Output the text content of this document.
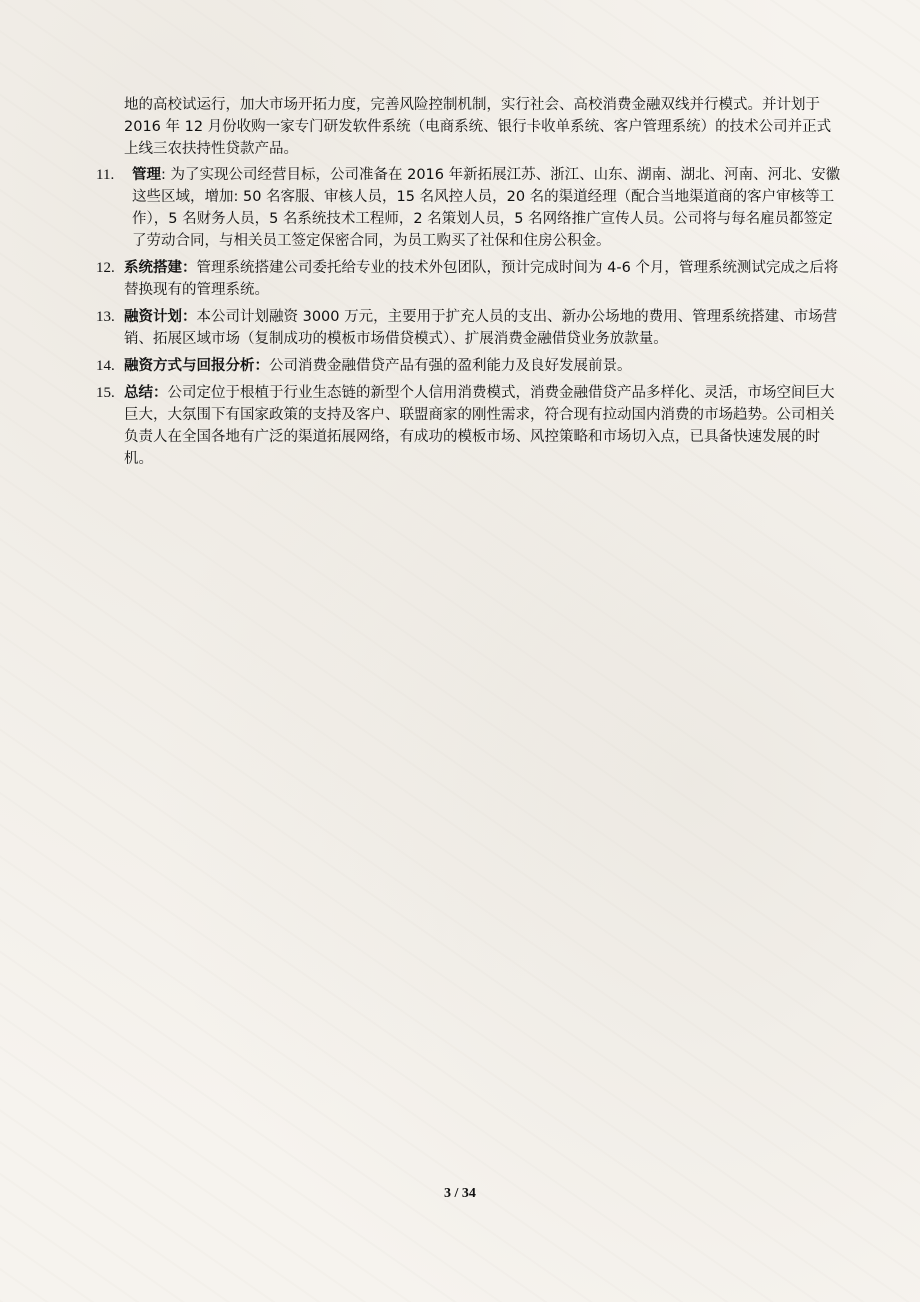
地的高校试运行，加大市场开拓力度，完善风险控制机制，实行社会、高校消费金融双线并行模式。并计划于 2016 年 12 月份收购一家专门研发软件系统（电商系统、银行卡收单系统、客户管理系统）的技术公司并正式上线三农扶持性贷款产品。

11.	管理: 为了实现公司经营目标，公司准备在 2016 年新拓展江苏、浙江、山东、湖南、湖北、河南、河北、安徽这些区域，增加: 50 名客服、审核人员，15 名风控人员，20 名的渠道经理（配合当地渠道商的客户审核等工作），5 名财务人员，5 名系统技术工程师，2 名策划人员，5 名网络推广宣传人员。公司将与每名雇员都签定了劳动合同，与相关员工签定保密合同，为员工购买了社保和住房公积金。
12. 系统搭建：管理系统搭建公司委托给专业的技术外包团队，预计完成时间为 4-6 个月，管理系统测试完成之后将替换现有的管理系统。
13. 融资计划：本公司计划融资 3000 万元，主要用于扩充人员的支出、新办公场地的费用、管理系统搭建、市场营销、拓展区域市场（复制成功的模板市场借贷模式）、扩展消费金融借贷业务放款量。
14. 融资方式与回报分析：公司消费金融借贷产品有强的盈利能力及良好发展前景。
15. 总结：公司定位于根植于行业生态链的新型个人信用消费模式，消费金融借贷产品多样化、灵活，市场空间巨大巨大，大氛围下有国家政策的支持及客户、联盟商家的刚性需求，符合现有拉动国内消费的市场趋势。公司相关负责人在全国各地有广泛的渠道拓展网络，有成功的模板市场、风控策略和市场切入点，已具备快速发展的时机。
3 / 34
